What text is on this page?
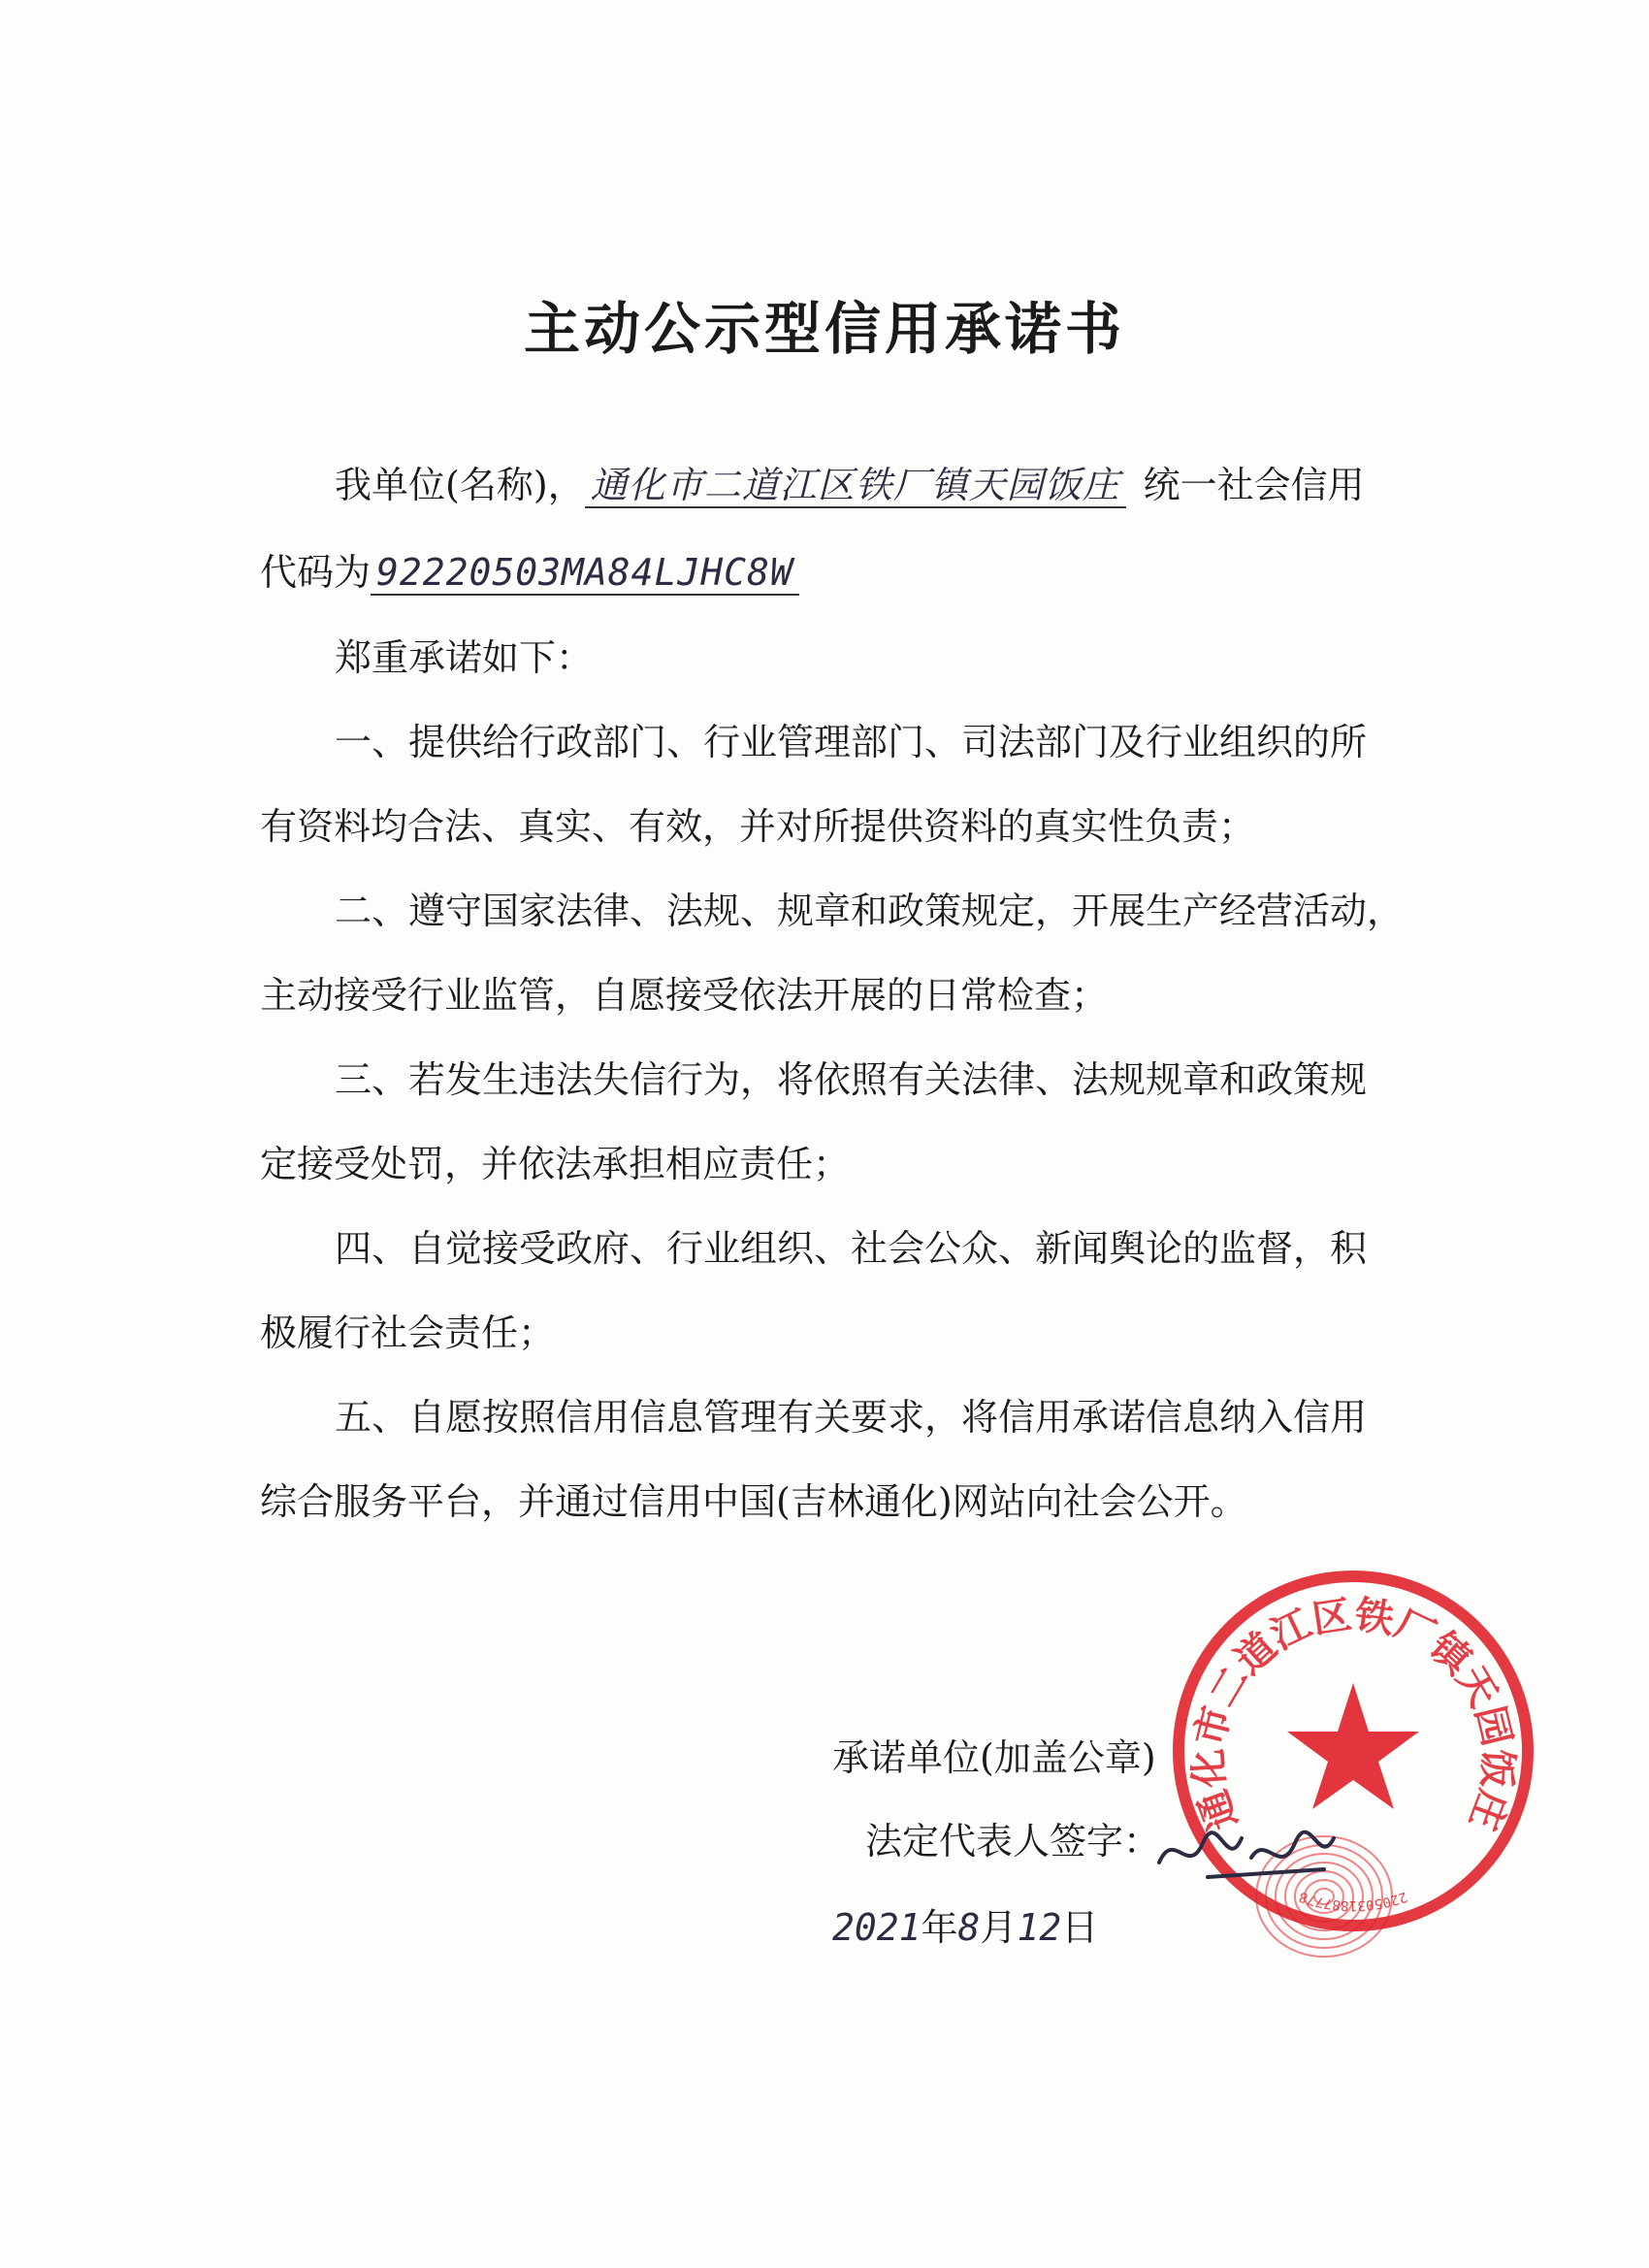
主动公示型信用承诺书
我单位(名称)， 通化市二道江区铁厂镇天园饭庄 统一社会信用
代码为 92220503MA84LJHC8W
郑重承诺如下：
一、提供给行政部门、行业管理部门、司法部门及行业组织的所
有资料均合法、真实、有效，并对所提供资料的真实性负责；
二、遵守国家法律、法规、规章和政策规定，开展生产经营活动，
主动接受行业监管，自愿接受依法开展的日常检查；
三、若发生违法失信行为，将依照有关法律、法规规章和政策规
定接受处罚，并依法承担相应责任；
四、自觉接受政府、行业组织、社会公众、新闻舆论的监督，积
极履行社会责任；
五、自愿按照信用信息管理有关要求，将信用承诺信息纳入信用
综合服务平台，并通过信用中国(吉林通化)网站向社会公开。
通化市二道江区铁厂镇天园饭庄
2205031887778
承诺单位(加盖公章)
法定代表人签字：
2021年8月12日
